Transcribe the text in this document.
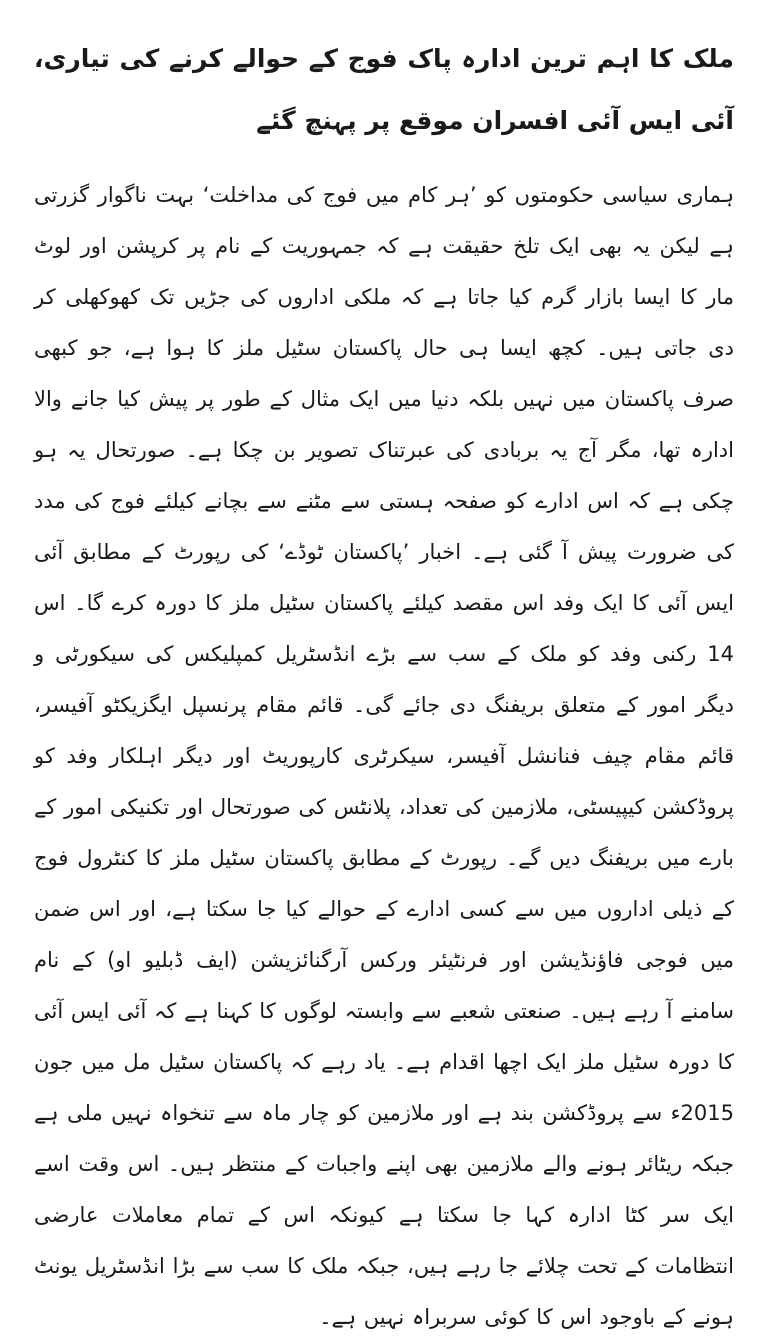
ملک کا اہم ترین ادارہ پاک فوج کے حوالے کرنے کی تیاری، آئی ایس آئی افسران موقع پر پہنچ گئے

ہماری سیاسی حکومتوں کو ’ہر کام میں فوج کی مداخلت‘ بہت ناگوار گزرتی ہے لیکن یہ بھی ایک تلخ حقیقت ہے کہ جمہوریت کے نام پر کرپشن اور لوٹ مار کا ایسا بازار گرم کیا جاتا ہے کہ ملکی اداروں کی جڑیں تک کھوکھلی کر دی جاتی ہیں۔ کچھ ایسا ہی حال پاکستان سٹیل ملز کا ہوا ہے، جو کبھی صرف پاکستان میں نہیں بلکہ دنیا میں ایک مثال کے طور پر پیش کیا جانے والا ادارہ تھا، مگر آج یہ بربادی کی عبرتناک تصویر بن چکا ہے۔ صورتحال یہ ہو چکی ہے کہ اس ادارے کو صفحہ ہستی سے مٹنے سے بچانے کیلئے فوج کی مدد کی ضرورت پیش آ گئی ہے۔ اخبار ’پاکستان ٹوڈے‘ کی رپورٹ کے مطابق آئی ایس آئی کا ایک وفد اس مقصد کیلئے پاکستان سٹیل ملز کا دورہ کرے گا۔ اس 14 رکنی وفد کو ملک کے سب سے بڑے انڈسٹریل کمپلیکس کی سیکورٹی و دیگر امور کے متعلق بریفنگ دی جائے گی۔ قائم مقام پرنسپل ایگزیکٹو آفیسر، قائم مقام چیف فنانشل آفیسر، سیکرٹری کارپوریٹ اور دیگر اہلکار وفد کو پروڈکشن کیپیسٹی، ملازمین کی تعداد، پلانٹس کی صورتحال اور تکنیکی امور کے بارے میں بریفنگ دیں گے۔ رپورٹ کے مطابق پاکستان سٹیل ملز کا کنٹرول فوج کے ذیلی اداروں میں سے کسی ادارے کے حوالے کیا جا سکتا ہے، اور اس ضمن میں فوجی فاؤنڈیشن اور فرنٹیئر ورکس آرگنائزیشن (ایف ڈبلیو او) کے نام سامنے آ رہے ہیں۔ صنعتی شعبے سے وابستہ لوگوں کا کہنا ہے کہ آئی ایس آئی کا دورہ سٹیل ملز ایک اچھا اقدام ہے۔ یاد رہے کہ پاکستان سٹیل مل میں جون 2015ء سے پروڈکشن بند ہے اور ملازمین کو چار ماہ سے تنخواہ نہیں ملی ہے جبکہ ریٹائر ہونے والے ملازمین بھی اپنے واجبات کے منتظر ہیں۔ اس وقت اسے ایک سر کٹا ادارہ کہا جا سکتا ہے کیونکہ اس کے تمام معاملات عارضی انتظامات کے تحت چلائے جا رہے ہیں، جبکہ ملک کا سب سے بڑا انڈسٹریل یونٹ ہونے کے باوجود اس کا کوئی سربراہ نہیں ہے۔
